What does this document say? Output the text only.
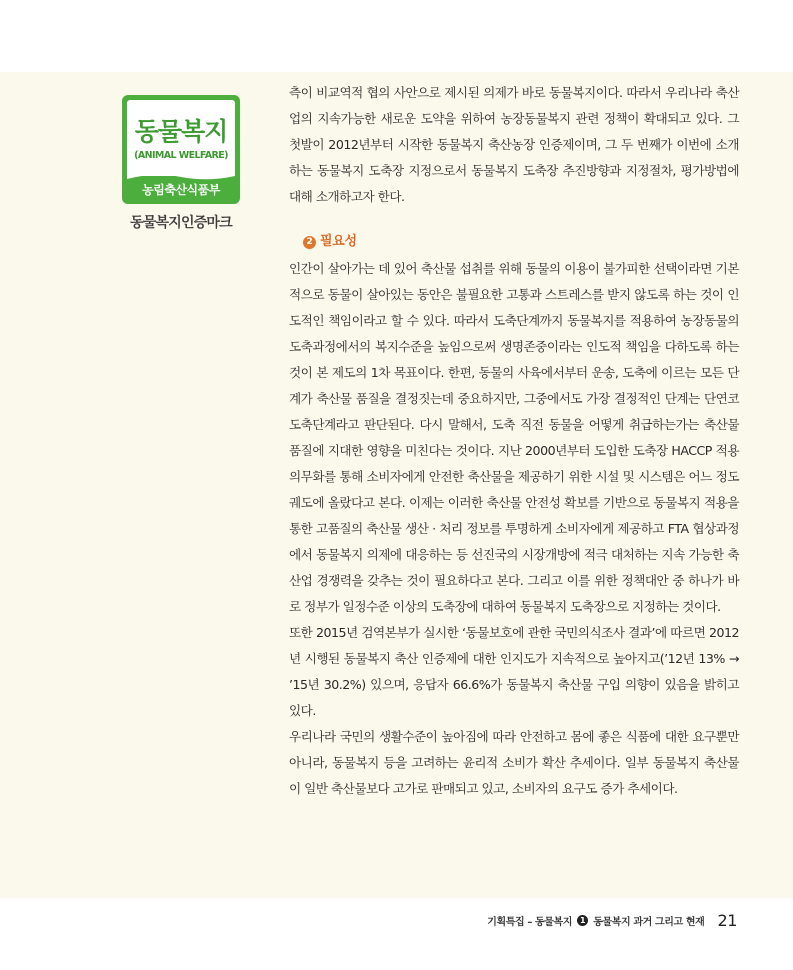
동물복지
(ANIMAL WELFARE)
농림축산식품부
동물복지인증마크

측이 비교역적 협의 사안으로 제시된 의제가 바로 동물복지이다. 따라서 우리나라 축산업의 지속가능한 새로운 도약을 위하여 농장동물복지 관련 정책이 확대되고 있다. 그 첫발이 2012년부터 시작한 동물복지 축산농장 인증제이며, 그 두 번째가 이번에 소개하는 동물복지 도축장 지정으로서 동물복지 도축장 추진방향과 지정절차, 평가방법에 대해 소개하고자 한다.

2 필요성

인간이 살아가는 데 있어 축산물 섭취를 위해 동물의 이용이 불가피한 선택이라면 기본적으로 동물이 살아있는 동안은 불필요한 고통과 스트레스를 받지 않도록 하는 것이 인도적인 책임이라고 할 수 있다. 따라서 도축단계까지 동물복지를 적용하여 농장동물의 도축과정에서의 복지수준을 높임으로써 생명존중이라는 인도적 책임을 다하도록 하는 것이 본 제도의 1차 목표이다. 한편, 동물의 사육에서부터 운송, 도축에 이르는 모든 단계가 축산물 품질을 결정짓는데 중요하지만, 그중에서도 가장 결정적인 단계는 단연코 도축단계라고 판단된다. 다시 말해서, 도축 직전 동물을 어떻게 취급하는가는 축산물 품질에 지대한 영향을 미친다는 것이다. 지난 2000년부터 도입한 도축장 HACCP 적용 의무화를 통해 소비자에게 안전한 축산물을 제공하기 위한 시설 및 시스템은 어느 정도 궤도에 올랐다고 본다. 이제는 이러한 축산물 안전성 확보를 기반으로 동물복지 적용을 통한 고품질의 축산물 생산 · 처리 정보를 투명하게 소비자에게 제공하고 FTA 협상과정에서 동물복지 의제에 대응하는 등 선진국의 시장개방에 적극 대처하는 지속 가능한 축산업 경쟁력을 갖추는 것이 필요하다고 본다. 그리고 이를 위한 정책대안 중 하나가 바로 정부가 일정수준 이상의 도축장에 대하여 동물복지 도축장으로 지정하는 것이다.

또한 2015년 검역본부가 실시한 ‘동물보호에 관한 국민의식조사 결과’에 따르면 2012년 시행된 동물복지 축산 인증제에 대한 인지도가 지속적으로 높아지고(’12년 13% → ’15년 30.2%) 있으며, 응답자 66.6%가 동물복지 축산물 구입 의향이 있음을 밝히고 있다.

우리나라 국민의 생활수준이 높아짐에 따라 안전하고 몸에 좋은 식품에 대한 요구뿐만 아니라, 동물복지 등을 고려하는 윤리적 소비가 확산 추세이다. 일부 동물복지 축산물이 일반 축산물보다 고가로 판매되고 있고, 소비자의 요구도 증가 추세이다.

기획특집 – 동물복지 1 동물복지 과거 그리고 현재 21
